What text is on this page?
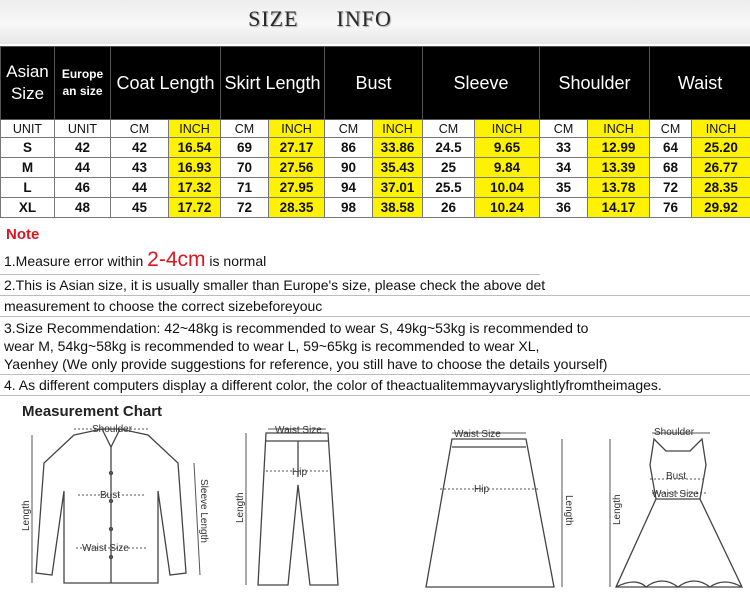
SIZE INFO
Asian Size	Europe an size	Coat Length		Skirt Length		Bust		Sleeve		Shoulder		Waist	
UNIT	UNIT	CM	INCH	CM	INCH	CM	INCH	CM	INCH	CM	INCH	CM	INCH
S	42	42	16.54	69	27.17	86	33.86	24.5	9.65	33	12.99	64	25.20
M	44	43	16.93	70	27.56	90	35.43	25	9.84	34	13.39	68	26.77
L	46	44	17.32	71	27.95	94	37.01	25.5	10.04	35	13.78	72	28.35
XL	48	45	17.72	72	28.35	98	38.58	26	10.24	36	14.17	76	29.92
Note
1.Measure error within 2-4cm is normal
2.This is Asian size, it is usually smaller than Europe's size, please check the above det
measurement to choose the correct sizebeforeyouc
3.Size Recommendation: 42~48kg is recommended to wear S, 49kg~53kg is recommended to
wear M, 54kg~58kg is recommended to wear L, 59~65kg is recommended to wear XL,
Yaenhey (We only provide suggestions for reference, you still have to choose the details yourself)
4. As different computers display a different color, the color of theactualitemmayvaryslightlyfromtheimages.
Measurement Chart
Shoulder
Bust
Waist Size
Length	Sleeve Length
Waist Size
Hip
Length
Waist Size
Hip
Length
Shoulder
Bust
Waist Size
Length
